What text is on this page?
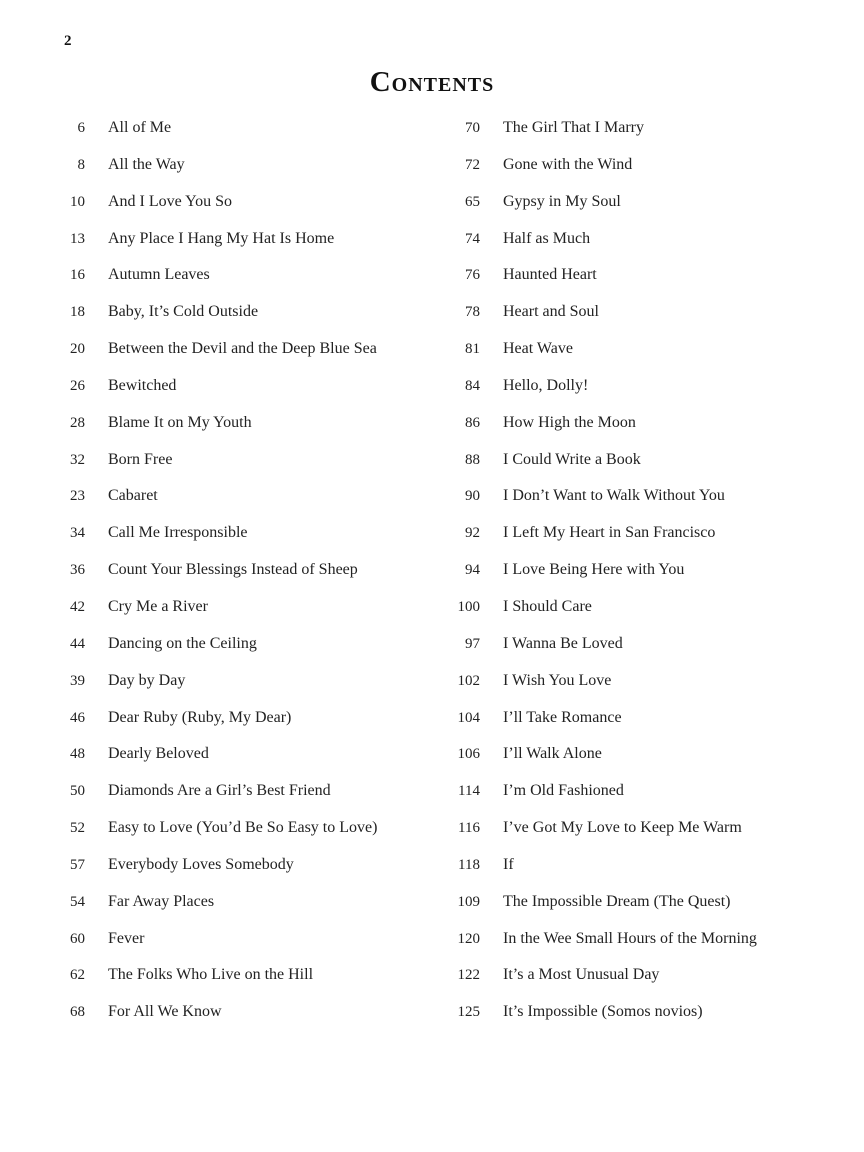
2
Contents
6 All of Me
8 All the Way
10 And I Love You So
13 Any Place I Hang My Hat Is Home
16 Autumn Leaves
18 Baby, It’s Cold Outside
20 Between the Devil and the Deep Blue Sea
26 Bewitched
28 Blame It on My Youth
32 Born Free
23 Cabaret
34 Call Me Irresponsible
36 Count Your Blessings Instead of Sheep
42 Cry Me a River
44 Dancing on the Ceiling
39 Day by Day
46 Dear Ruby (Ruby, My Dear)
48 Dearly Beloved
50 Diamonds Are a Girl’s Best Friend
52 Easy to Love (You’d Be So Easy to Love)
57 Everybody Loves Somebody
54 Far Away Places
60 Fever
62 The Folks Who Live on the Hill
68 For All We Know
70 The Girl That I Marry
72 Gone with the Wind
65 Gypsy in My Soul
74 Half as Much
76 Haunted Heart
78 Heart and Soul
81 Heat Wave
84 Hello, Dolly!
86 How High the Moon
88 I Could Write a Book
90 I Don’t Want to Walk Without You
92 I Left My Heart in San Francisco
94 I Love Being Here with You
100 I Should Care
97 I Wanna Be Loved
102 I Wish You Love
104 I’ll Take Romance
106 I’ll Walk Alone
114 I’m Old Fashioned
116 I’ve Got My Love to Keep Me Warm
118 If
109 The Impossible Dream (The Quest)
120 In the Wee Small Hours of the Morning
122 It’s a Most Unusual Day
125 It’s Impossible (Somos novios)
